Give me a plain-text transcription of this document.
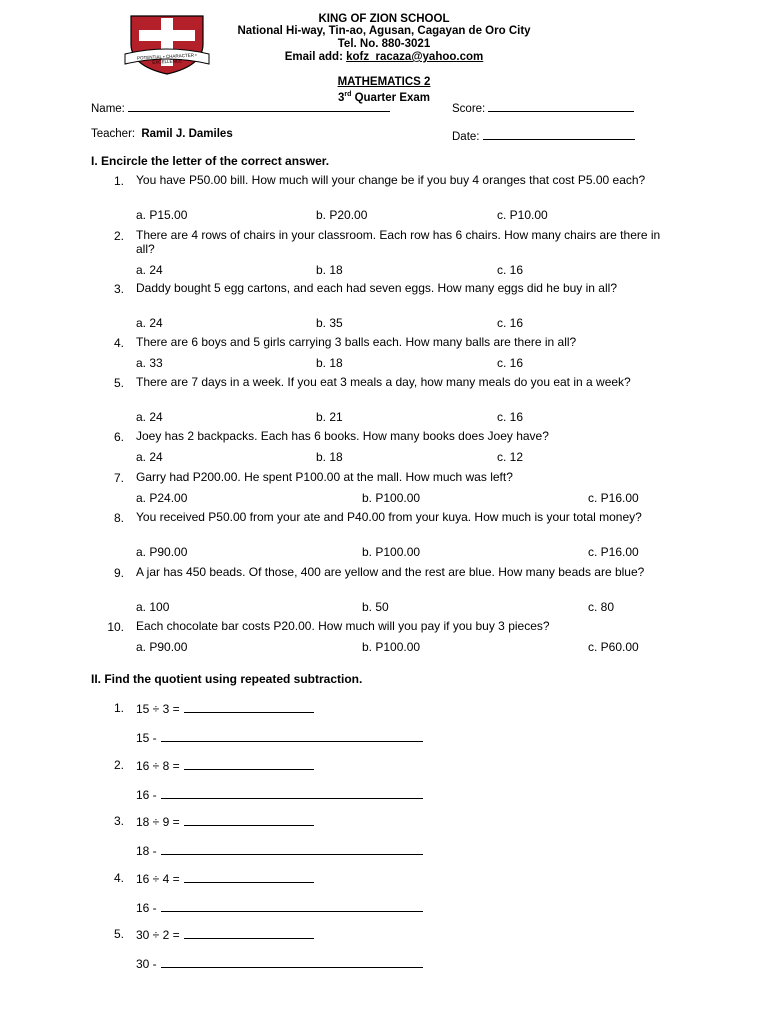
POTENTIAL • CHARACTER • EXCELLENCE
KING OF ZION SCHOOL
National Hi-way, Tin-ao, Agusan, Cagayan de Oro City
Tel. No. 880-3021
Email add: kofz_racaza@yahoo.com
MATHEMATICS 2
3rd Quarter Exam
Name:	Score:
Teacher: Ramil J. Damiles	Date:
I. Encircle the letter of the correct answer.
1. You have P50.00 bill. How much will your change be if you buy 4 oranges that cost P5.00 each?
a. P15.00	b. P20.00	c. P10.00
2. There are 4 rows of chairs in your classroom. Each row has 6 chairs. How many chairs are there in all?
a. 24	b. 18	c. 16
3. Daddy bought 5 egg cartons, and each had seven eggs. How many eggs did he buy in all?
a. 24	b. 35	c. 16
4. There are 6 boys and 5 girls carrying 3 balls each. How many balls are there in all?
a. 33	b. 18	c. 16
5. There are 7 days in a week. If you eat 3 meals a day, how many meals do you eat in a week?
a. 24	b. 21	c. 16
6. Joey has 2 backpacks. Each has 6 books. How many books does Joey have?
a. 24	b. 18	c. 12
7. Garry had P200.00. He spent P100.00 at the mall. How much was left?
a. P24.00	b. P100.00	c. P16.00
8. You received P50.00 from your ate and P40.00 from your kuya. How much is your total money?
a. P90.00	b. P100.00	c. P16.00
9. A jar has 450 beads. Of those, 400 are yellow and the rest are blue. How many beads are blue?
a. 100	b. 50	c. 80
10. Each chocolate bar costs P20.00. How much will you pay if you buy 3 pieces?
a. P90.00	b. P100.00	c. P60.00
II. Find the quotient using repeated subtraction.
1. 15 ÷ 3 =
15 -
2. 16 ÷ 8 =
16 -
3. 18 ÷ 9 =
18 -
4. 16 ÷ 4 =
16 -
5. 30 ÷ 2 =
30 -
